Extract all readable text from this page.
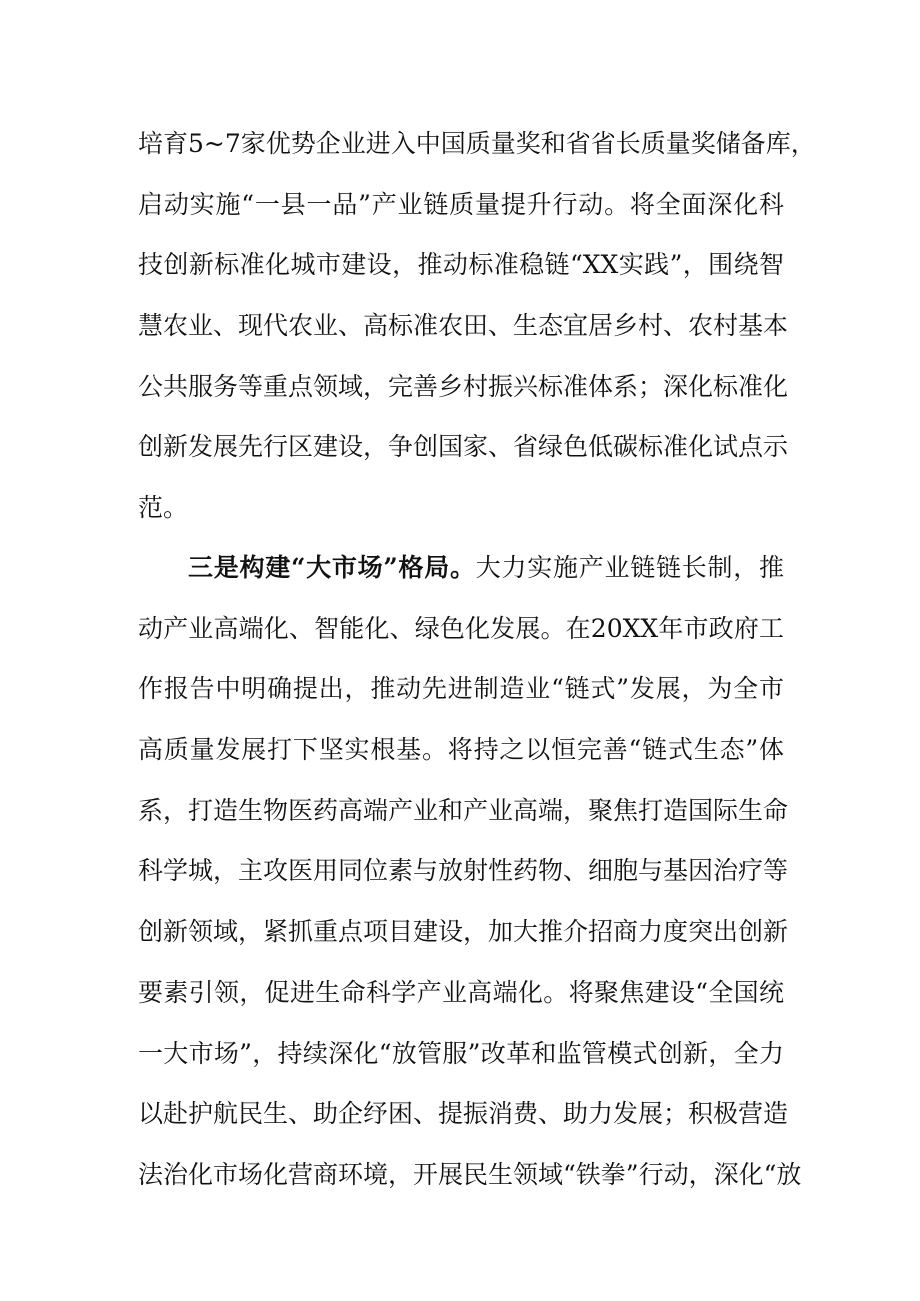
培育5~7家优势企业进入中国质量奖和省省长质量奖储备库，
启动实施“一县一品”产业链质量提升行动。将全面深化科
技创新标准化城市建设，推动标准稳链“XX实践”，围绕智
慧农业、现代农业、高标准农田、生态宜居乡村、农村基本
公共服务等重点领域，完善乡村振兴标准体系；深化标准化
创新发展先行区建设，争创国家、省绿色低碳标准化试点示
范。
三是构建“大市场”格局。大力实施产业链链长制，推
动产业高端化、智能化、绿色化发展。在20XX年市政府工
作报告中明确提出，推动先进制造业“链式”发展，为全市
高质量发展打下坚实根基。将持之以恒完善“链式生态”体
系，打造生物医药高端产业和产业高端，聚焦打造国际生命
科学城，主攻医用同位素与放射性药物、细胞与基因治疗等
创新领域，紧抓重点项目建设，加大推介招商力度突出创新
要素引领，促进生命科学产业高端化。将聚焦建设“全国统
一大市场”，持续深化“放管服”改革和监管模式创新，全力
以赴护航民生、助企纾困、提振消费、助力发展；积极营造
法治化市场化营商环境，开展民生领域“铁拳”行动，深化“放
